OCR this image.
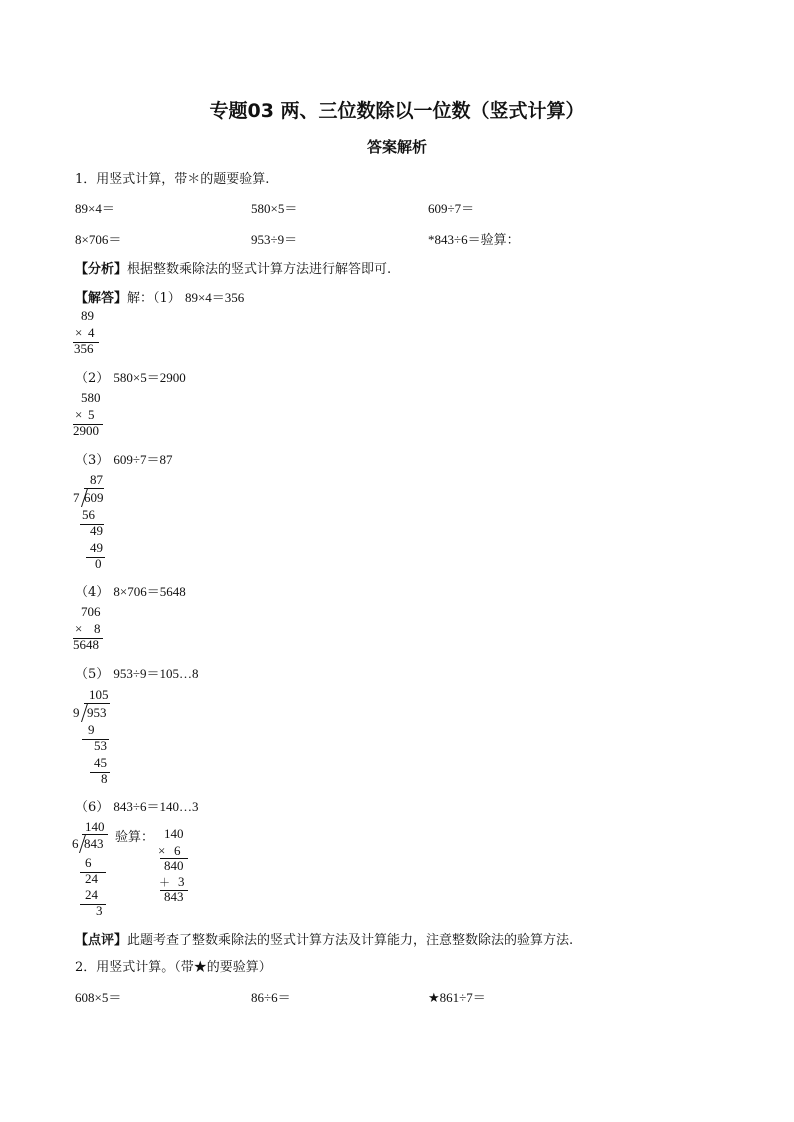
专题03 两、三位数除以一位数（竖式计算）
答案解析
1．用竖式计算，带＊的题要验算.
89×4＝	580×5＝	609÷7＝
8×706＝	953÷9＝	*843÷6＝验算：
【分析】根据整数乘除法的竖式计算方法进行解答即可.
【解答】解：（1） 89×4＝356
89
× 4
356
（2） 580×5＝2900
580
× 5
2900
（3） 609÷7＝87
87
7 609
56
49
49
0
（4） 8×706＝5648
706
× 8
5648
（5） 953÷9＝105…8
105
9 953
9
53
45
8
（6） 843÷6＝140…3
140
6 843
6
24
24
3
验算： 140
× 6
840
＋ 3
843
【点评】此题考查了整数乘除法的竖式计算方法及计算能力，注意整数除法的验算方法.
2．用竖式计算。（带★的要验算）
608×5＝	86÷6＝	★861÷7＝
